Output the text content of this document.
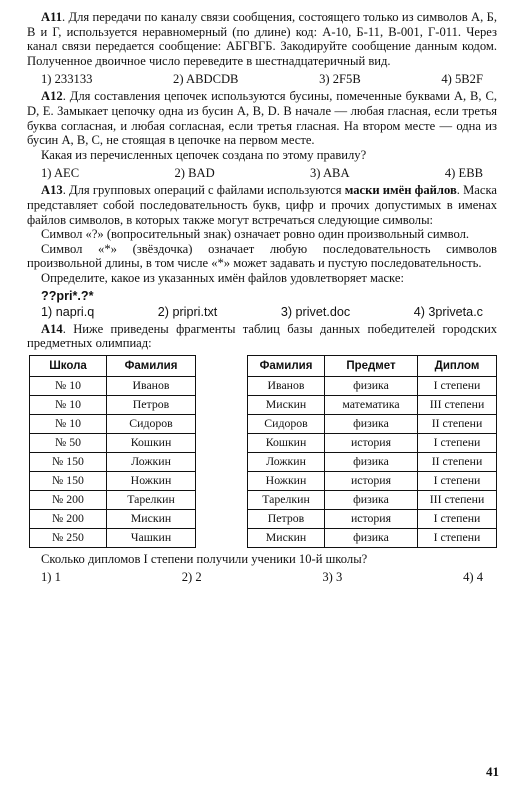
А11. Для передачи по каналу связи сообщения, состоящего только из символов А, Б, В и Г, используется неравномерный (по длине) код: А-10, Б-11, В-001, Г-011. Через канал связи передается сообщение: АБГВГБ. Закодируйте сообщение данным кодом. Полученное двоичное число переведите в шестнадцатеричный вид.

1) 233133	2) ABDCDB	3) 2F5B	4) 5B2F

А12. Для составления цепочек используются бусины, помеченные буквами A, B, C, D, E. Замыкает цепочку одна из бусин A, B, D. В начале — любая гласная, если третья буква согласная, и любая согласная, если третья гласная. На втором месте — одна из бусин A, B, C, не стоящая в цепочке на первом месте.

Какая из перечисленных цепочек создана по этому правилу?

1) AEC	2) BAD	3) ABA	4) EBB

А13. Для групповых операций с файлами используются маски имён файлов. Маска представляет собой последовательность букв, цифр и прочих допустимых в именах файлов символов, в которых также могут встречаться следующие символы:

Символ «?» (вопросительный знак) означает ровно один произвольный символ.

Символ «*» (звёздочка) означает любую последовательность символов произвольной длины, в том числе «*» может задавать и пустую последовательность.

Определите, какое из указанных имён файлов удовлетворяет маске:

??pri*.?*
1) napri.q	2) pripri.txt	3) privet.doc	4) 3priveta.c

А14. Ниже приведены фрагменты таблиц базы данных победителей городских предметных олимпиад:

Школа	Фамилия
№ 10	Иванов
№ 10	Петров
№ 10	Сидоров
№ 50	Кошкин
№ 150	Ложкин
№ 150	Ножкин
№ 200	Тарелкин
№ 200	Мискин
№ 250	Чашкин
Фамилия	Предмет	Диплом
Иванов	физика	I степени
Мискин	математика	III степени
Сидоров	физика	II степени
Кошкин	история	I степени
Ложкин	физика	II степени
Ножкин	история	I степени
Тарелкин	физика	III степени
Петров	история	I степени
Мискин	физика	I степени

Сколько дипломов I степени получили ученики 10-й школы?

1) 1	2) 2	3) 3	4) 4
41
